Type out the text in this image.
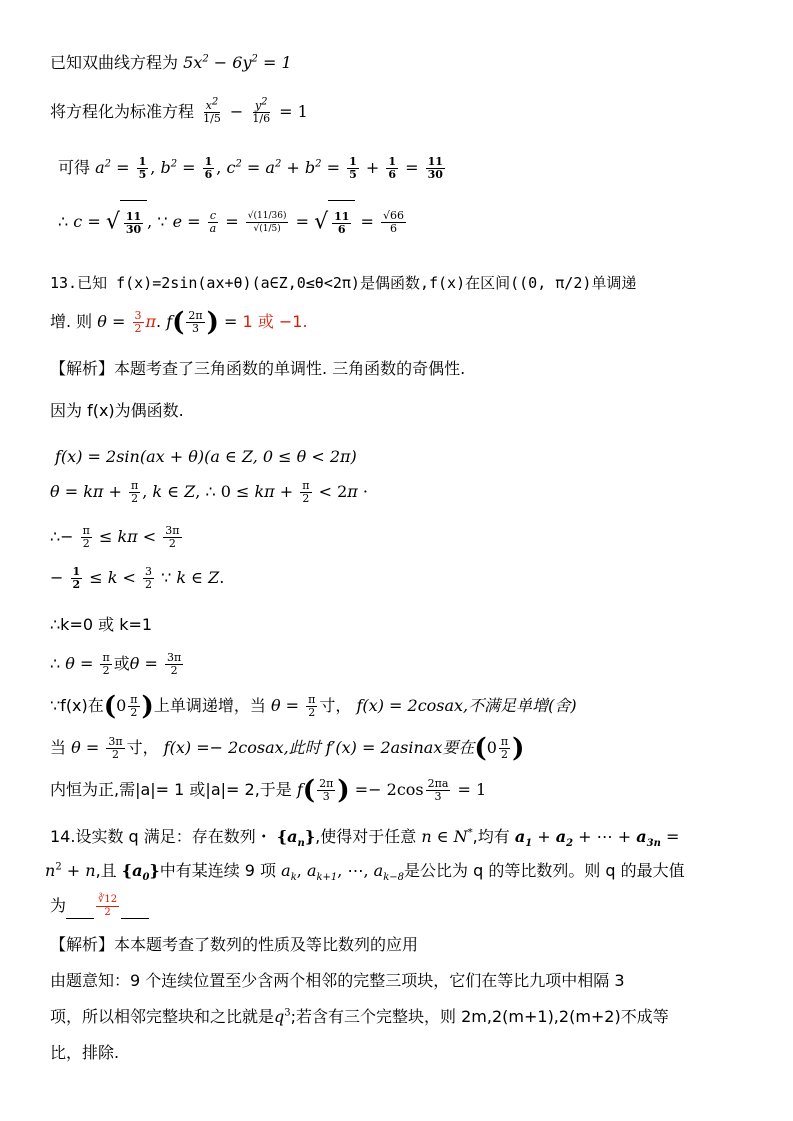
已知双曲线方程为 $5x^2 - 6y^2 = 1$
将方程化为标准方程 $\frac{x^2}{1/5} - \frac{y^2}{1/6} = 1$
可得 $a^2 = \frac{1}{5}$ , $b^2 = \frac{1}{6}$ , $c^2 = a^2 + b^2 = \frac{1}{5} + \frac{1}{6} = \frac{11}{30}$
∴ c = √ $\frac{11}{30}$ , ∵ $e = \frac{c}{a} = \frac{√(11/36)}{√(1/5)}$ = √ $\frac{11}{6} = \frac{√66}{6}$
13.已知 f(x)=2sin(ax+θ)(a∈Z,0≤θ<2π)是偶函数,f(x)在区间((0, π/2)单调递
增. 则 $\theta = \frac{3}{2} \pi$. $f( \frac{2\pi}{3}$ ) = 1 或 −1.
【解析】本题考查了三角函数的单调性. 三角函数的奇偶性.
因为 f(x)为偶函数.
f(x) = 2sin(ax + θ)(a ∈ Z, 0 ≤ θ < 2π)
$\theta = k\pi + \frac{\pi}{2}$ , k ∈ Z, ∴ $0 \le k\pi + \frac{\pi}{2} < 2\pi$ ·
∴− $\frac{\pi}{2} \le k\pi < \frac{3\pi}{2}$
− $\frac{1}{2} \le k < \frac{3}{2}$ ∵ k ∈ Z.
∴k=0 或 k=1
∴ $\theta = \frac{\pi}{2}$ 或$\theta = \frac{3\pi}{2}$
∵f(x)在($0 \frac{\pi}{2}$ )上单调递增，当 $\theta = \frac{\pi}{2}$ 寸， f(x) = 2cosax,不满足单增(舍)
当 $\theta = \frac{3\pi}{2}$ 寸， f(x) =− 2cosax,此时 f′(x) = 2asinax要在($0 \frac{\pi}{2}$ )
内恒为正,需|a|= 1 或|a|= 2,于是 $f( \frac{2\pi}{3}$ ) =− $2\cos \frac{2\pi a}{3} = 1$
14.设实数 q 满足：存在数列・ $\{a_n\}$,使得对于任意 n ∈ N*,均有 $a_1 + a_2$ + ⋯ + $a_{3n}$ =
$n^2 + n$,且 $\{a_0\}$中有某连续 9 项 $a_k$, $a_{k+1}$, ⋯, $a_{k-8}$是公比为 q 的等比数列。则 q 的最大值
为	$\frac{∛12}{2}$
【解析】本本题考查了数列的性质及等比数列的应用
由题意知：9 个连续位置至少含两个相邻的完整三项块，它们在等比九项中相隔 3
项，所以相邻完整块和之比就是$q^3$;若含有三个完整块，则 2m,2(m+1),2(m+2)不成等
比，排除.
